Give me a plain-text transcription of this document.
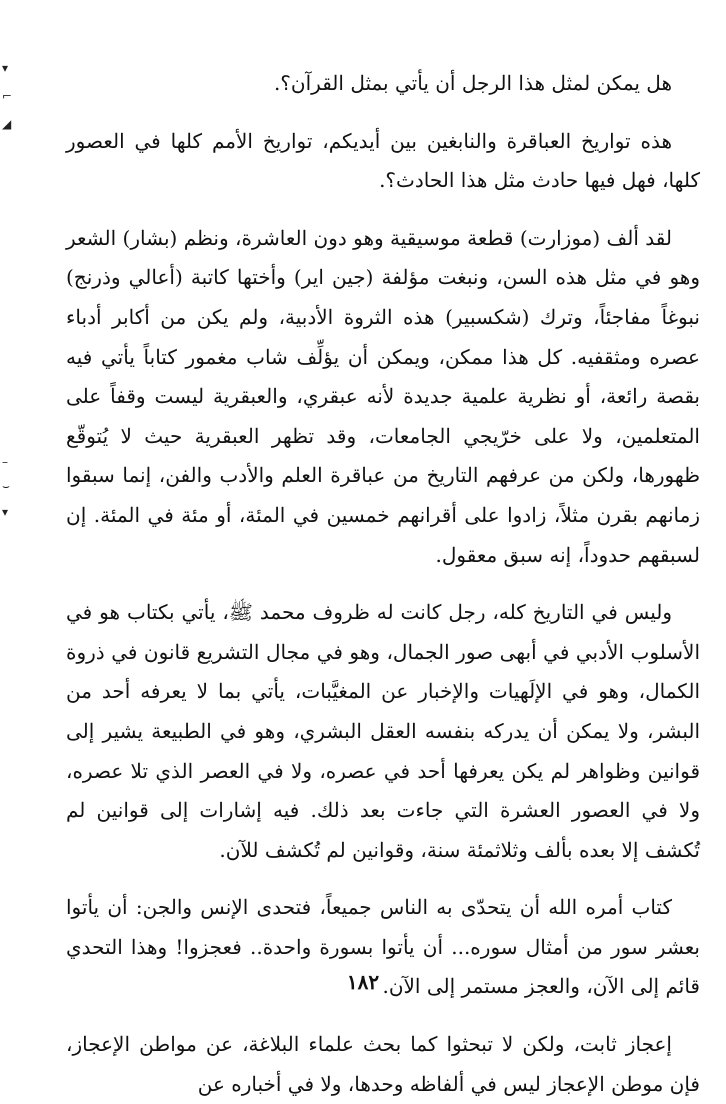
▾
⌐
◢
–
⌣
▾

هل يمكن لمثل هذا الرجل أن يأتي بمثل القرآن؟.

هذه تواريخ العباقرة والنابغين بين أيديكم، تواريخ الأمم كلها في العصور كلها، فهل فيها حادث مثل هذا الحادث؟.

لقد ألف (موزارت) قطعة موسيقية وهو دون العاشرة، ونظم (بشار) الشعر وهو في مثل هذه السن، ونبغت مؤلفة (جين اير) وأختها كاتبة (أعالي وذرنج) نبوغاً مفاجئاً، وترك (شكسبير) هذه الثروة الأدبية، ولم يكن من أكابر أدباء عصره ومثقفيه. كل هذا ممكن، ويمكن أن يؤلِّف شاب مغمور كتاباً يأتي فيه بقصة رائعة، أو نظرية علمية جديدة لأنه عبقري، والعبقرية ليست وقفاً على المتعلمين، ولا على خرّيجي الجامعات، وقد تظهر العبقرية حيث لا يُتوقّع ظهورها، ولكن من عرفهم التاريخ من عباقرة العلم والأدب والفن، إنما سبقوا زمانهم بقرن مثلاً، زادوا على أقرانهم خمسين في المئة، أو مئة في المئة. إن لسبقهم حدوداً، إنه سبق معقول.

وليس في التاريخ كله، رجل كانت له ظروف محمد ﷺ، يأتي بكتاب هو في الأسلوب الأدبي في أبهى صور الجمال، وهو في مجال التشريع قانون في ذروة الكمال، وهو في الإلَهيات والإخبار عن المغيَّبات، يأتي بما لا يعرفه أحد من البشر، ولا يمكن أن يدركه بنفسه العقل البشري، وهو في الطبيعة يشير إلى قوانين وظواهر لم يكن يعرفها أحد في عصره، ولا في العصر الذي تلا عصره، ولا في العصور العشرة التي جاءت بعد ذلك. فيه إشارات إلى قوانين لم تُكشف إلا بعده بألف وثلاثمئة سنة، وقوانين لم تُكشف للآن.

كتاب أمره الله أن يتحدّى به الناس جميعاً، فتحدى الإنس والجن: أن يأتوا بعشر سور من أمثال سوره... أن يأتوا بسورة واحدة.. فعجزوا! وهذا التحدي قائم إلى الآن، والعجز مستمر إلى الآن.

إعجاز ثابت، ولكن لا تبحثوا كما بحث علماء البلاغة، عن مواطن الإعجاز، فإن موطن الإعجاز ليس في ألفاظه وحدها، ولا في أخباره عن

١٨٢
